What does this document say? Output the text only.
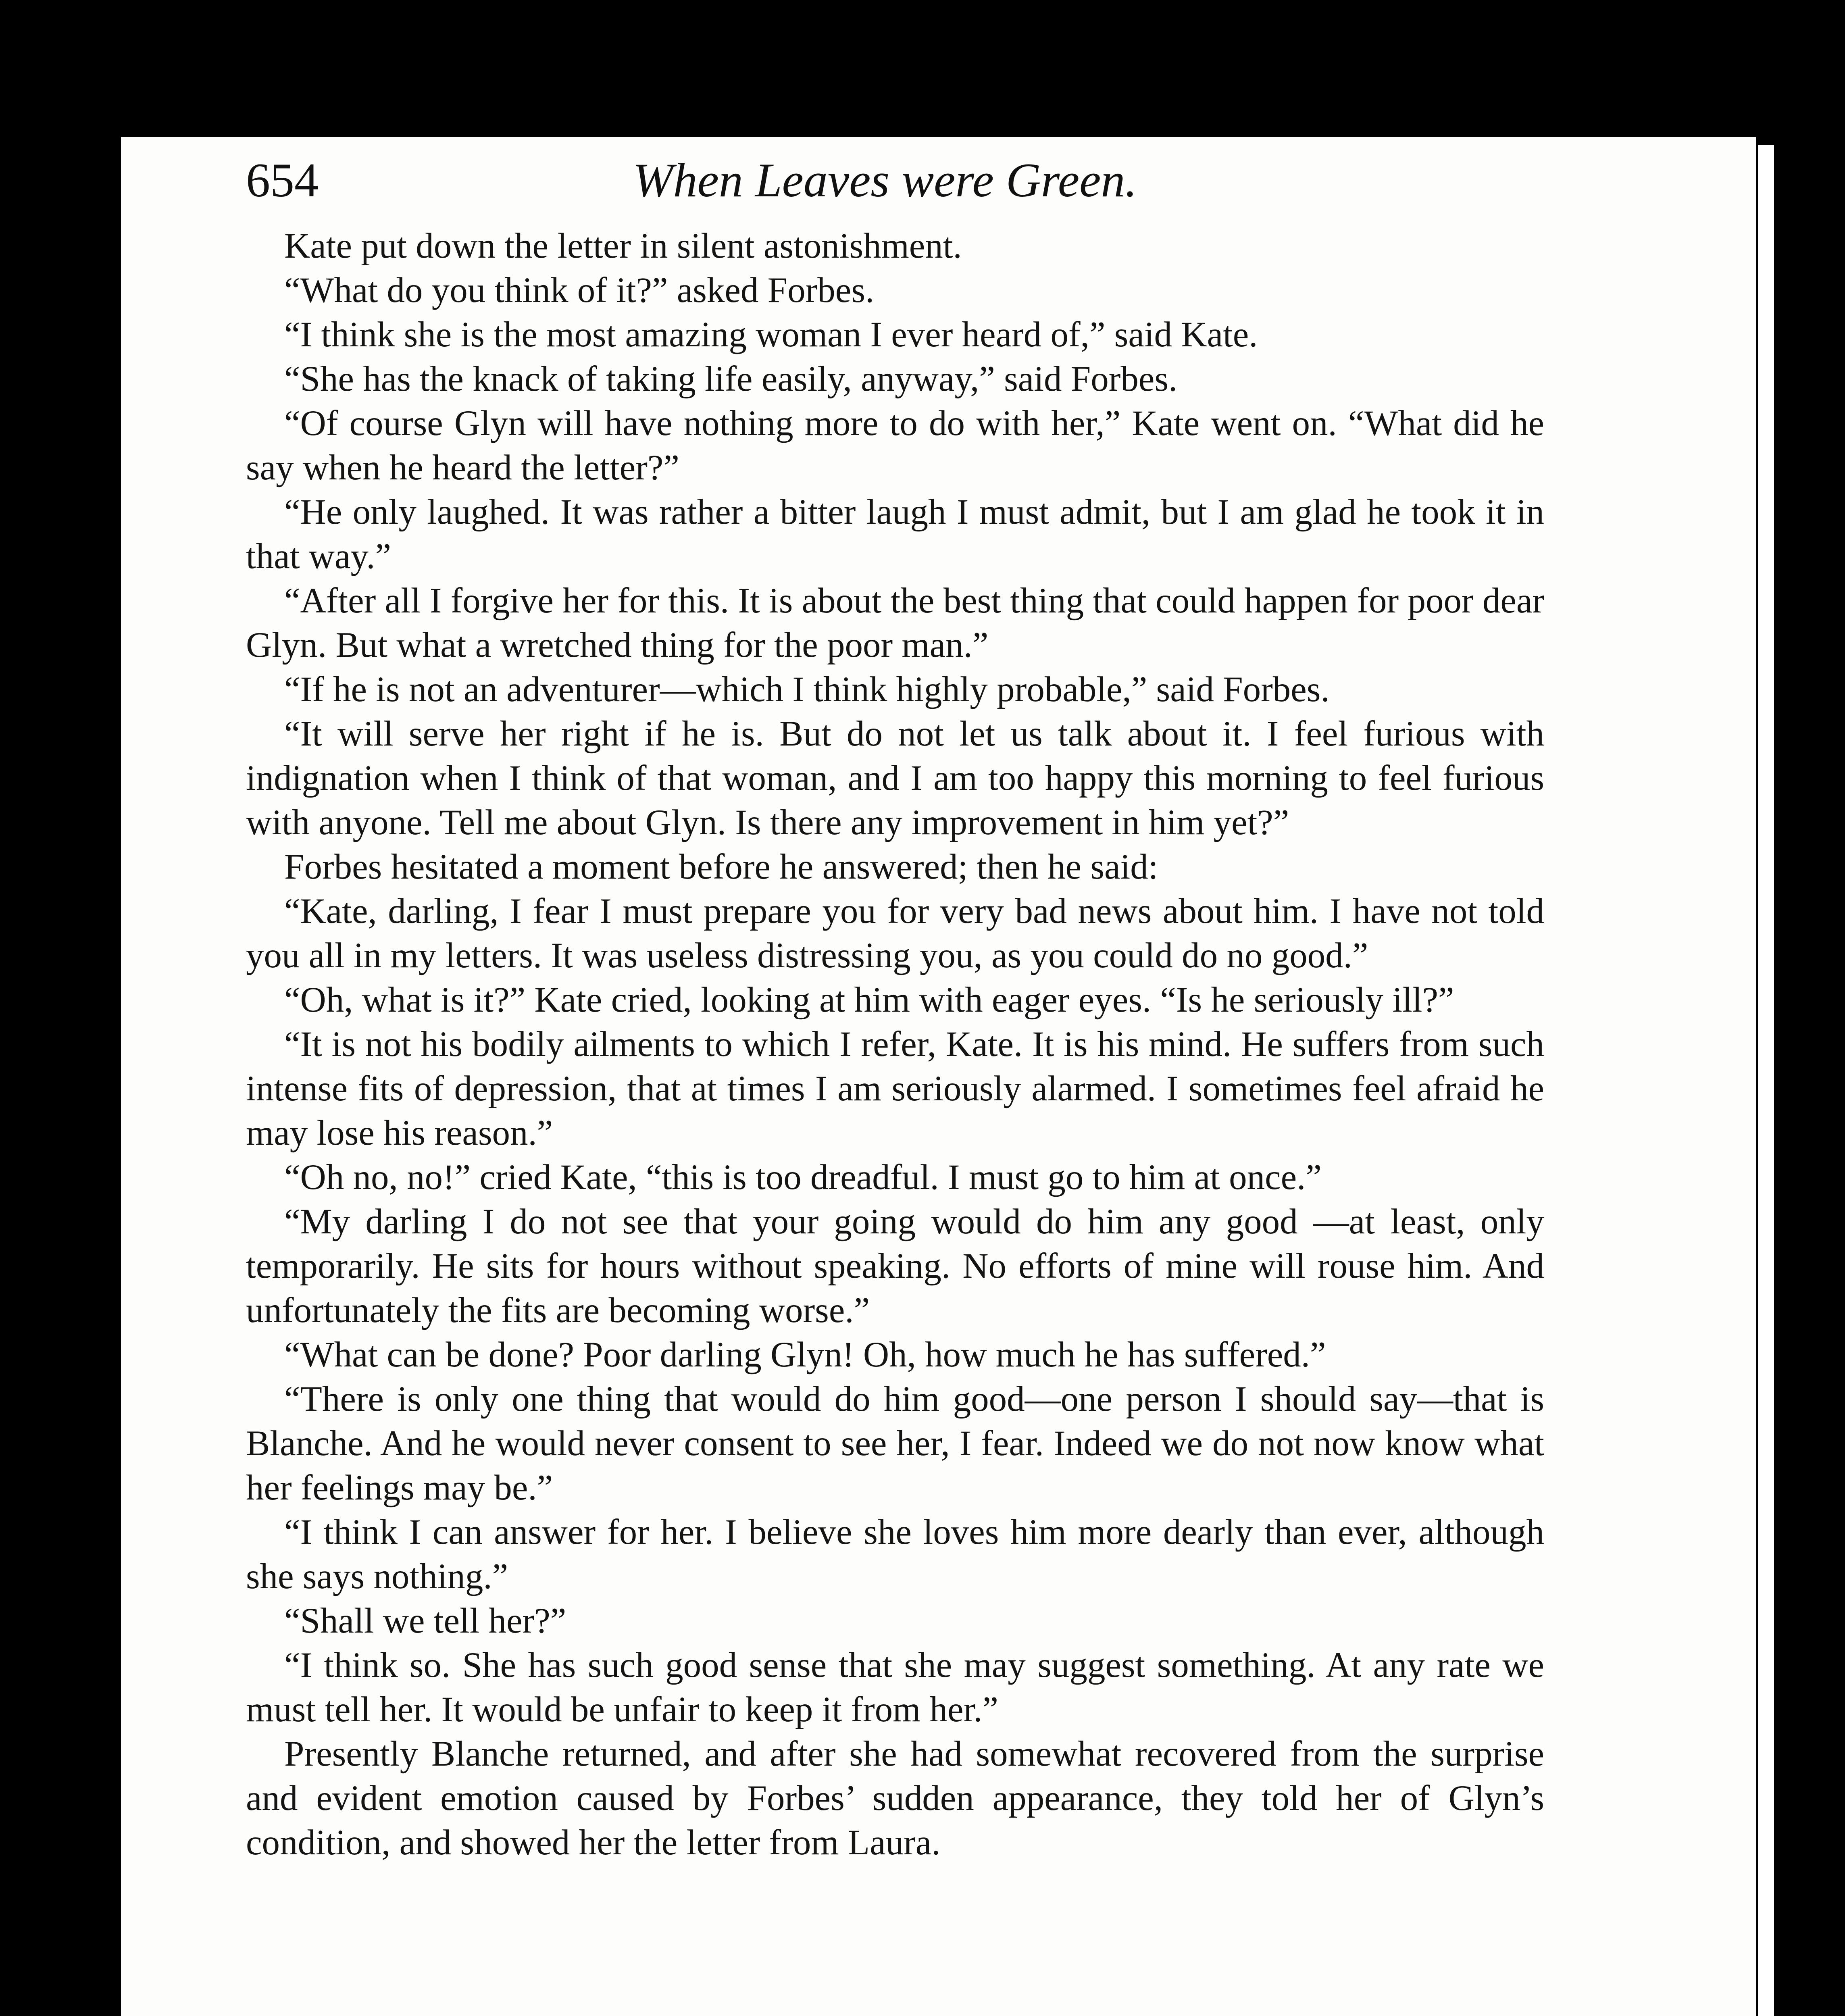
654	When Leaves were Green.

Kate put down the letter in silent astonishment.

“What do you think of it?” asked Forbes.

“I think she is the most amazing woman I ever heard of,” said Kate.

“She has the knack of taking life easily, anyway,” said Forbes.

“Of course Glyn will have nothing more to do with her,” Kate went on. “What did he say when he heard the letter?”

“He only laughed. It was rather a bitter laugh I must admit, but I am glad he took it in that way.”

“After all I forgive her for this. It is about the best thing that could happen for poor dear Glyn. But what a wretched thing for the poor man.”

“If he is not an adventurer—which I think highly probable,” said Forbes.

“It will serve her right if he is. But do not let us talk about it. I feel furious with indignation when I think of that woman, and I am too happy this morning to feel furious with anyone. Tell me about Glyn. Is there any improvement in him yet?”

Forbes hesitated a moment before he answered; then he said:

“Kate, darling, I fear I must prepare you for very bad news about him. I have not told you all in my letters. It was useless distressing you, as you could do no good.”

“Oh, what is it?” Kate cried, looking at him with eager eyes. “Is he seriously ill?”

“It is not his bodily ailments to which I refer, Kate. It is his mind. He suffers from such intense fits of depression, that at times I am seriously alarmed. I sometimes feel afraid he may lose his reason.”

“Oh no, no!” cried Kate, “this is too dreadful. I must go to him at once.”

“My darling I do not see that your going would do him any good —at least, only temporarily. He sits for hours without speaking. No efforts of mine will rouse him. And unfortunately the fits are becoming worse.”

“What can be done? Poor darling Glyn! Oh, how much he has suffered.”

“There is only one thing that would do him good—one person I should say—that is Blanche. And he would never consent to see her, I fear. Indeed we do not now know what her feelings may be.”

“I think I can answer for her. I believe she loves him more dearly than ever, although she says nothing.”

“Shall we tell her?”

“I think so. She has such good sense that she may suggest something. At any rate we must tell her. It would be unfair to keep it from her.”

Presently Blanche returned, and after she had somewhat recovered from the surprise and evident emotion caused by Forbes’ sudden appearance, they told her of Glyn’s condition, and showed her the letter from Laura.
